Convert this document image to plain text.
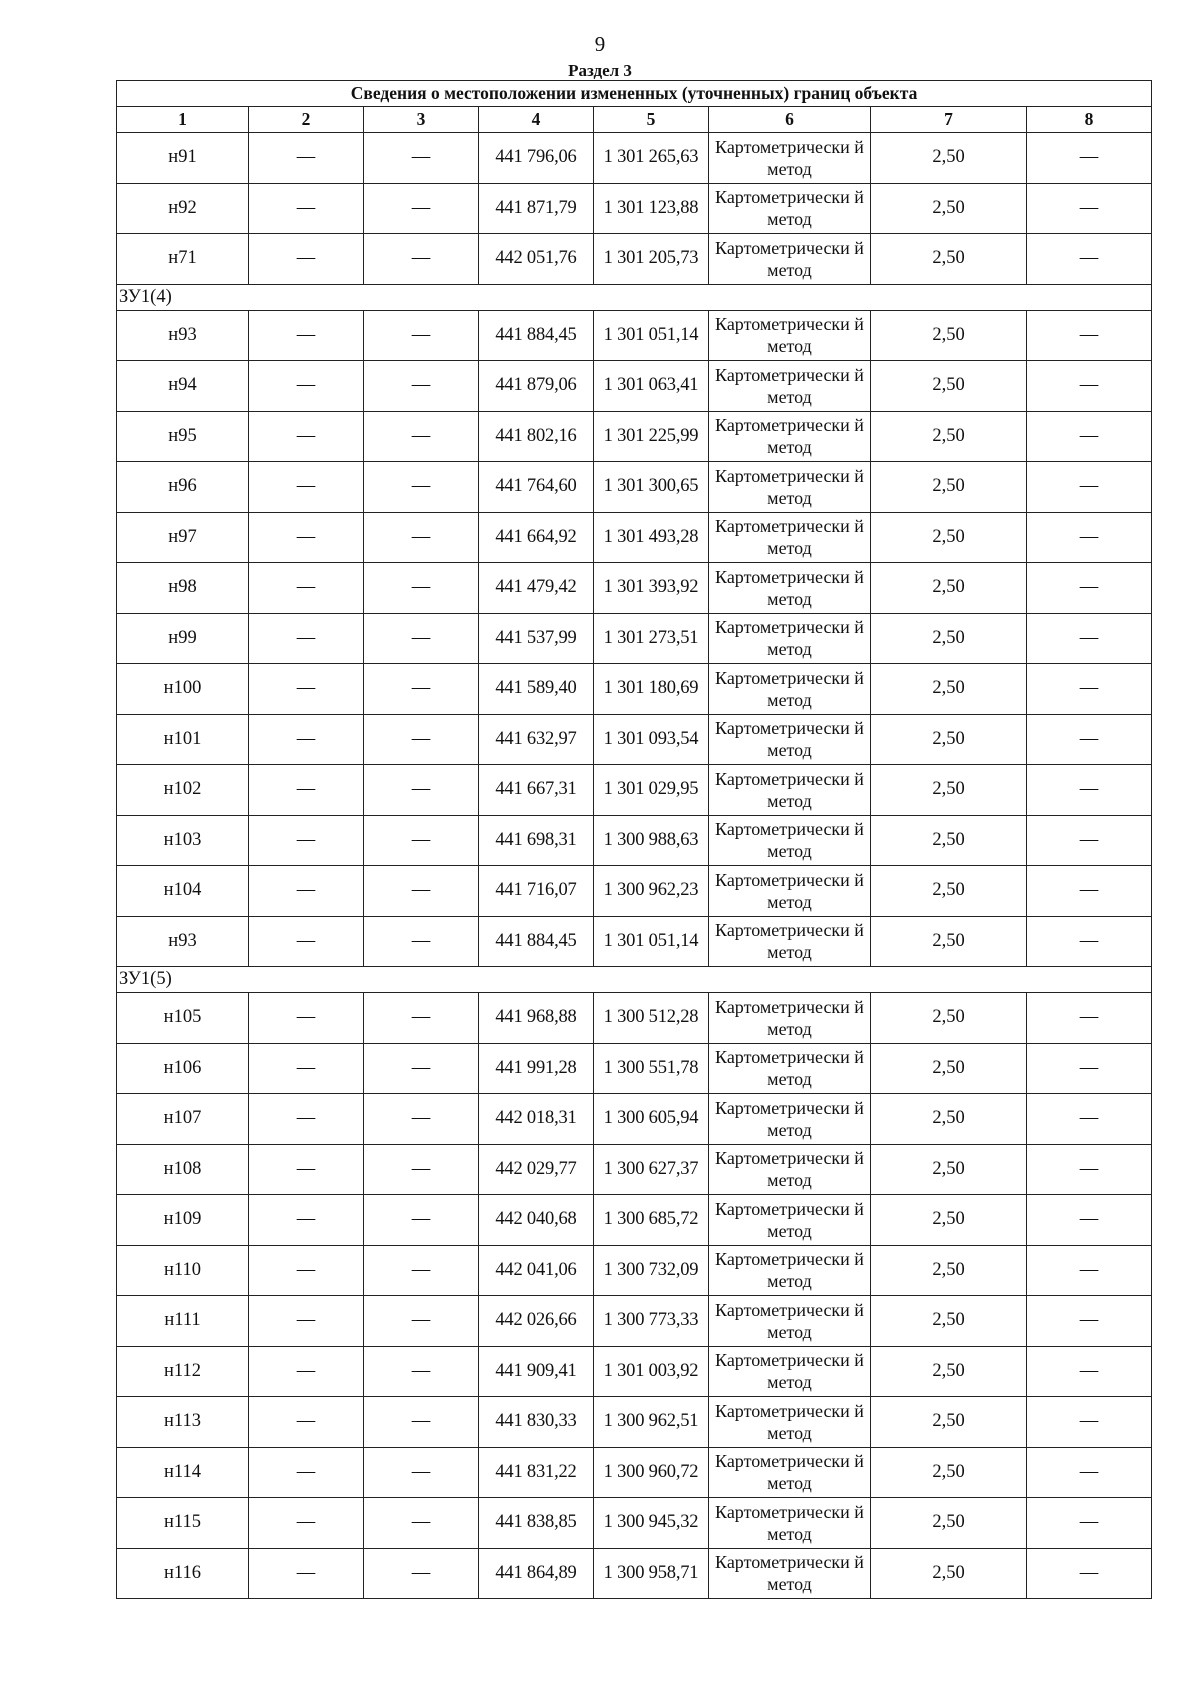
9
Раздел 3
Сведения о местоположении измененных (уточненных) границ объекта							
1	2	3	4	5	6	7	8
н91	—	—	441 796,06	1 301 265,63	Картометрически й метод	2,50	—
н92	—	—	441 871,79	1 301 123,88	Картометрически й метод	2,50	—
н71	—	—	442 051,76	1 301 205,73	Картометрически й метод	2,50	—
ЗУ1(4)							
н93	—	—	441 884,45	1 301 051,14	Картометрически й метод	2,50	—
н94	—	—	441 879,06	1 301 063,41	Картометрически й метод	2,50	—
н95	—	—	441 802,16	1 301 225,99	Картометрически й метод	2,50	—
н96	—	—	441 764,60	1 301 300,65	Картометрически й метод	2,50	—
н97	—	—	441 664,92	1 301 493,28	Картометрически й метод	2,50	—
н98	—	—	441 479,42	1 301 393,92	Картометрически й метод	2,50	—
н99	—	—	441 537,99	1 301 273,51	Картометрически й метод	2,50	—
н100	—	—	441 589,40	1 301 180,69	Картометрически й метод	2,50	—
н101	—	—	441 632,97	1 301 093,54	Картометрически й метод	2,50	—
н102	—	—	441 667,31	1 301 029,95	Картометрически й метод	2,50	—
н103	—	—	441 698,31	1 300 988,63	Картометрически й метод	2,50	—
н104	—	—	441 716,07	1 300 962,23	Картометрически й метод	2,50	—
н93	—	—	441 884,45	1 301 051,14	Картометрически й метод	2,50	—
ЗУ1(5)							
н105	—	—	441 968,88	1 300 512,28	Картометрически й метод	2,50	—
н106	—	—	441 991,28	1 300 551,78	Картометрически й метод	2,50	—
н107	—	—	442 018,31	1 300 605,94	Картометрически й метод	2,50	—
н108	—	—	442 029,77	1 300 627,37	Картометрически й метод	2,50	—
н109	—	—	442 040,68	1 300 685,72	Картометрически й метод	2,50	—
н110	—	—	442 041,06	1 300 732,09	Картометрически й метод	2,50	—
н111	—	—	442 026,66	1 300 773,33	Картометрически й метод	2,50	—
н112	—	—	441 909,41	1 301 003,92	Картометрически й метод	2,50	—
н113	—	—	441 830,33	1 300 962,51	Картометрически й метод	2,50	—
н114	—	—	441 831,22	1 300 960,72	Картометрически й метод	2,50	—
н115	—	—	441 838,85	1 300 945,32	Картометрически й метод	2,50	—
н116	—	—	441 864,89	1 300 958,71	Картометрически й метод	2,50	—
